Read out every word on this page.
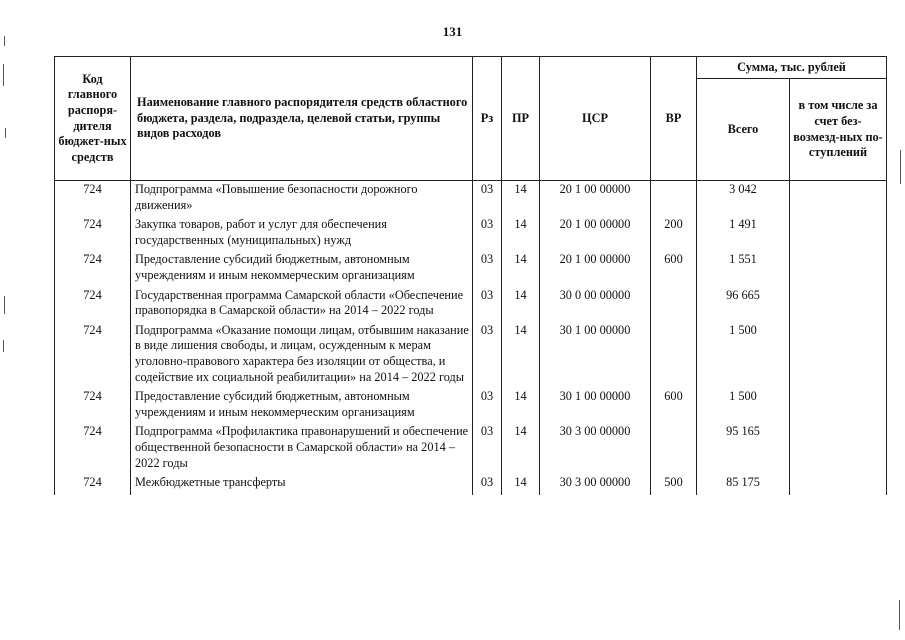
131
Код главного распоря-дителя бюджет-ных средств	Наименование главного распорядителя средств областного бюджета, раздела, подраздела, целевой статьи, группы видов расходов	Рз	ПР	ЦСР	ВР	Сумма, тыс. рублей	
						Всего	в том числе за счет без-возмезд-ных по-ступлений
724	Подпрограмма «Повышение безопасности дорожного движения»	03	14	20 1 00 00000		3 042	
724	Закупка товаров, работ и услуг для обеспечения государственных (муниципальных) нужд	03	14	20 1 00 00000	200	1 491	
724	Предоставление субсидий бюджетным, автономным учреждениям и иным некоммерческим организациям	03	14	20 1 00 00000	600	1 551	
724	Государственная программа Самарской области «Обеспечение правопорядка в Самарской области» на 2014 – 2022 годы	03	14	30 0 00 00000		96 665	
724	Подпрограмма «Оказание помощи лицам, отбывшим наказание в виде лишения свободы, и лицам, осужденным к мерам уголовно-правового характера без изоляции от общества, и содействие их социальной реабилитации» на 2014 – 2022 годы	03	14	30 1 00 00000		1 500	
724	Предоставление субсидий бюджетным, автономным учреждениям и иным некоммерческим организациям	03	14	30 1 00 00000	600	1 500	
724	Подпрограмма «Профилактика правонарушений и обеспечение общественной безопасности в Самарской области» на 2014 – 2022 годы	03	14	30 3 00 00000		95 165	
724	Межбюджетные трансферты	03	14	30 3 00 00000	500	85 175	
